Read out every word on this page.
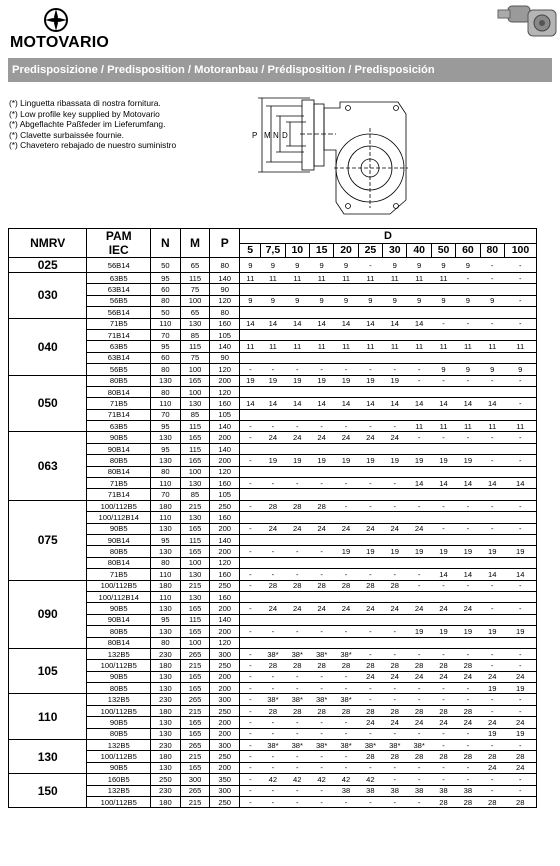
MOTOVARIO
Predisposizione / Predisposition / Motoranbau / Prédisposition / Predisposición
(*) Linguetta ribassata di nostra fornitura.
(*) Low profile key supplied by Motovario
(*) Abgeflachte Paßfeder im Lieferumfang.
(*) Clavette surbaissée fournie.
(*) Chavetero rebajado de nuestro suministro
P M N D
NMRV	PAM
IEC	N	M	P	D											
					5	7,5	10	15	20	25	30	40	50	60	80	100
025	56B14	50	65	80	9	9	9	9	9	-	9	9	9	9	-	-
030	63B5	95	115	140	11	11	11	11	11	11	11	11	11	-	-	-
	63B14	60	75	90												
	56B5	80	100	120	9	9	9	9	9	9	9	9	9	9	9	-
	56B14	50	65	80												
040	71B5	110	130	160	14	14	14	14	14	14	14	14	-	-	-	-
	71B14	70	85	105												
	63B5	95	115	140	11	11	11	11	11	11	11	11	11	11	11	11
	63B14	60	75	90												
	56B5	80	100	120	-	-	-	-	-	-	-	-	9	9	9	9
050	80B5	130	165	200	19	19	19	19	19	19	19	-	-	-	-	-
	80B14	80	100	120												
	71B5	110	130	160	14	14	14	14	14	14	14	14	14	14	14	-
	71B14	70	85	105												
	63B5	95	115	140	-	-	-	-	-	-	-	11	11	11	11	11
063	90B5	130	165	200	-	24	24	24	24	24	24	-	-	-	-	-
	90B14	95	115	140												
	80B5	130	165	200	-	19	19	19	19	19	19	19	19	19	-	-
	80B14	80	100	120												
	71B5	110	130	160	-	-	-	-	-	-	-	14	14	14	14	14
	71B14	70	85	105												
075	100/112B5	180	215	250	-	28	28	28	-	-	-	-	-	-	-	-
	100/112B14	110	130	160												
	90B5	130	165	200	-	24	24	24	24	24	24	24	-	-	-	-
	90B14	95	115	140												
	80B5	130	165	200	-	-	-	-	19	19	19	19	19	19	19	19
	80B14	80	100	120												
	71B5	110	130	160	-	-	-	-	-	-	-	-	14	14	14	14
090	100/112B5	180	215	250	-	28	28	28	28	28	28	-	-	-	-	-
	100/112B14	110	130	160												
	90B5	130	165	200	-	24	24	24	24	24	24	24	24	24	-	-
	90B14	95	115	140												
	80B5	130	165	200	-	-	-	-	-	-	-	19	19	19	19	19
	80B14	80	100	120												
105	132B5	230	265	300	-	38*	38*	38*	38*	-	-	-	-	-	-	-
	100/112B5	180	215	250	-	28	28	28	28	28	28	28	28	28	-	-
	90B5	130	165	200	-	-	-	-	-	24	24	24	24	24	24	24
	80B5	130	165	200	-	-	-	-	-	-	-	-	-	-	19	19
110	132B5	230	265	300	-	38*	38*	38*	38*	-	-	-	-	-	-	-
	100/112B5	180	215	250	-	28	28	28	28	28	28	28	28	28	-	-
	90B5	130	165	200	-	-	-	-	-	24	24	24	24	24	24	24
	80B5	130	165	200	-	-	-	-	-	-	-	-	-	-	19	19
130	132B5	230	265	300	-	38*	38*	38*	38*	38*	38*	38*	-	-	-	-
	100/112B5	180	215	250	-	-	-	-	-	28	28	28	28	28	28	28
	90B5	130	165	200	-	-	-	-	-	-	-	-	-	-	24	24
150	160B5	250	300	350	-	42	42	42	42	42	-	-	-	-	-	-
	132B5	230	265	300	-	-	-	-	38	38	38	38	38	38	-	-
	100/112B5	180	215	250	-	-	-	-	-	-	-	-	28	28	28	28
